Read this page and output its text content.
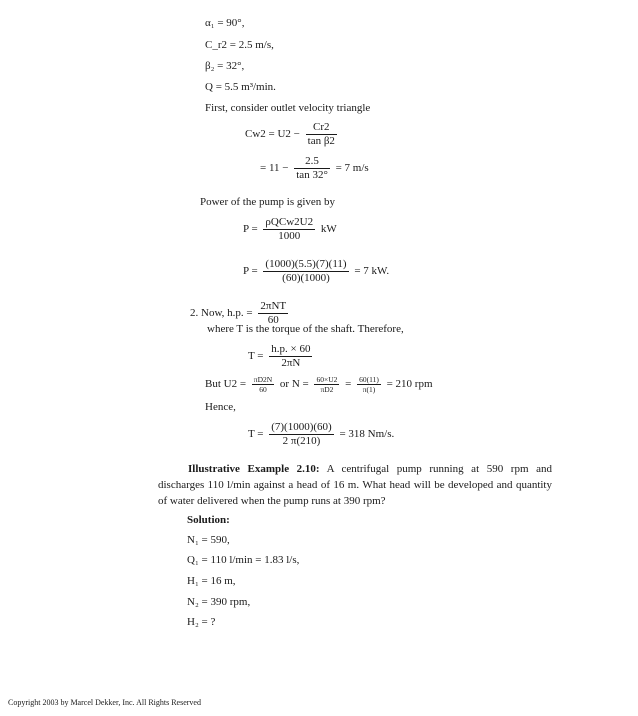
α₁ = 90°,
C_r2 = 2.5 m/s,
β₂ = 32°,
Q = 5.5 m³/min.
First, consider outlet velocity triangle
$Cw2 = U2 - \frac{Cr2}{\text{tan β2}}$
= $11 - \frac{2.5}{\tan 32^\circ} = 7$ m/s
Power of the pump is given by
$P = \frac{\text{ρQCw2U2}}{1000}$ kW
$P = \frac{(1000)(5.5)(7)(11)}{(60)(1000)} = 7$ kW.
2. Now, h.p. = $\frac{\text{2πNT}}{60}$
where T is the torque of the shaft. Therefore,
$T = \frac{h.p. \times 60}{2\pi N}$
But $U2 = \frac{\pi D2N}{60}$ or $N = \frac{60\times U2}{\pi D2} = \frac{60(11)}{\pi(1)} = 210$ rpm
Hence,
$T = \frac{(7)(1000)(60)}{2 \pi(210)} = 318$ Nm/s.
Illustrative Example 2.10: A centrifugal pump running at 590 rpm and discharges 110 l/min against a head of 16 m. What head will be developed and quantity of water delivered when the pump runs at 390 rpm?
Solution:
N₁ = 590,
Q₁ = 110 l/min = 1.83 l/s,
H₁ = 16 m,
N₂ = 390 rpm,
H₂ = ?
Copyright 2003 by Marcel Dekker, Inc. All Rights Reserved
